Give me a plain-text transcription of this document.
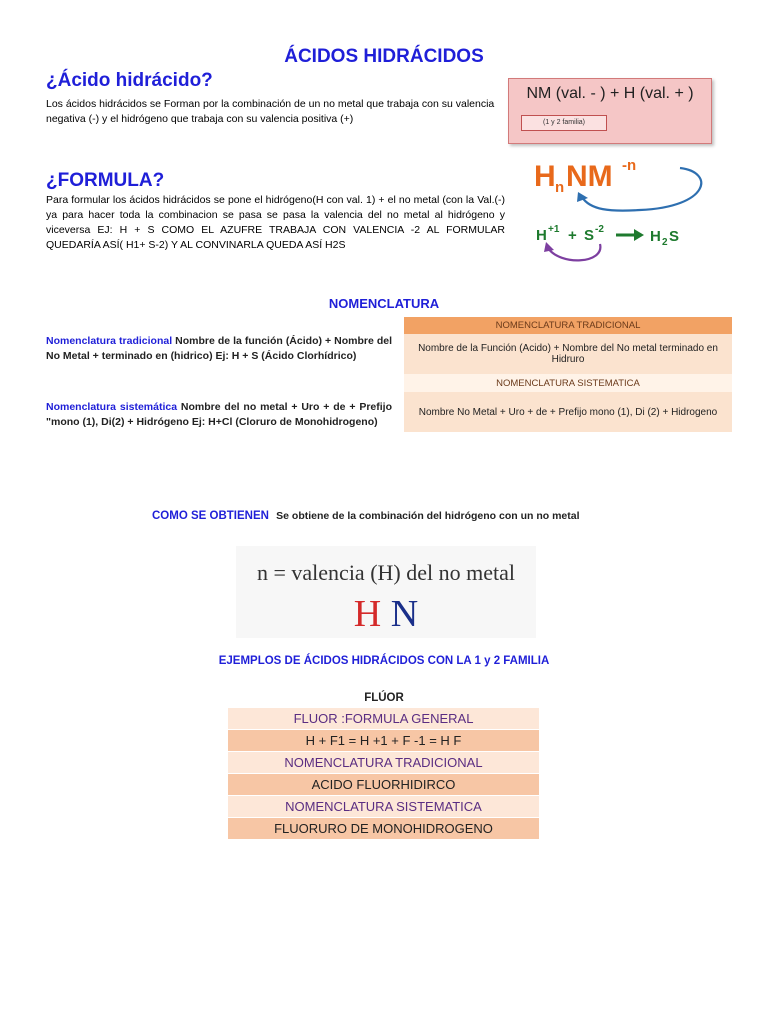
ÁCIDOS HIDRÁCIDOS
¿Ácido hidrácido?
Los ácidos hidrácidos se Forman por la combinación de un no metal que trabaja con su valencia negativa (-) y el hidrógeno que trabaja con su valencia positiva (+)
NM (val. - ) + H (val. + )
(1 y 2 familia)
¿FORMULA?
Para formular los ácidos hidrácidos se pone el hidrógeno(H con val. 1) + el no metal (con la Val.(-) ya para hacer toda la combinacion se pasa se pasa la valencia del no metal al hidrógeno y viceversa EJ: H + S COMO EL AZUFRE TRABAJA CON VALENCIA -2 AL FORMULAR QUEDARÍA ASÍ( H1+ S-2) Y AL CONVINARLA QUEDA ASÍ H2S
H n NM -n
H +1 + S -2	H 2 S
NOMENCLATURA
Nomenclatura tradicional Nombre de la función (Ácido) + Nombre del No Metal + terminado en (hidrico) Ej: H + S (Ácido Clorhídrico)
Nomenclatura sistemática Nombre del no metal + Uro + de + Prefijo "mono (1), Di(2) + Hidrógeno Ej: H+Cl (Cloruro de Monohidrogeno)
NOMENCLATURA TRADICIONAL
Nombre de la Función (Acido) + Nombre del No metal terminado en Hidruro
NOMENCLATURA SISTEMATICA
Nombre No Metal + Uro + de + Prefijo mono (1), Di (2) + Hidrogeno
COMO SE OBTIENEN Se obtiene de la combinación del hidrógeno con un no metal
n = valencia (H) del no metal
H N
EJEMPLOS DE ÁCIDOS HIDRÁCIDOS CON LA 1 y 2 FAMILIA
FLÚOR
FLUOR :FORMULA GENERAL
H + F1 = H +1 + F -1 = H F
NOMENCLATURA TRADICIONAL
ACIDO FLUORHIDIRCO
NOMENCLATURA SISTEMATICA
FLUORURO DE MONOHIDROGENO
